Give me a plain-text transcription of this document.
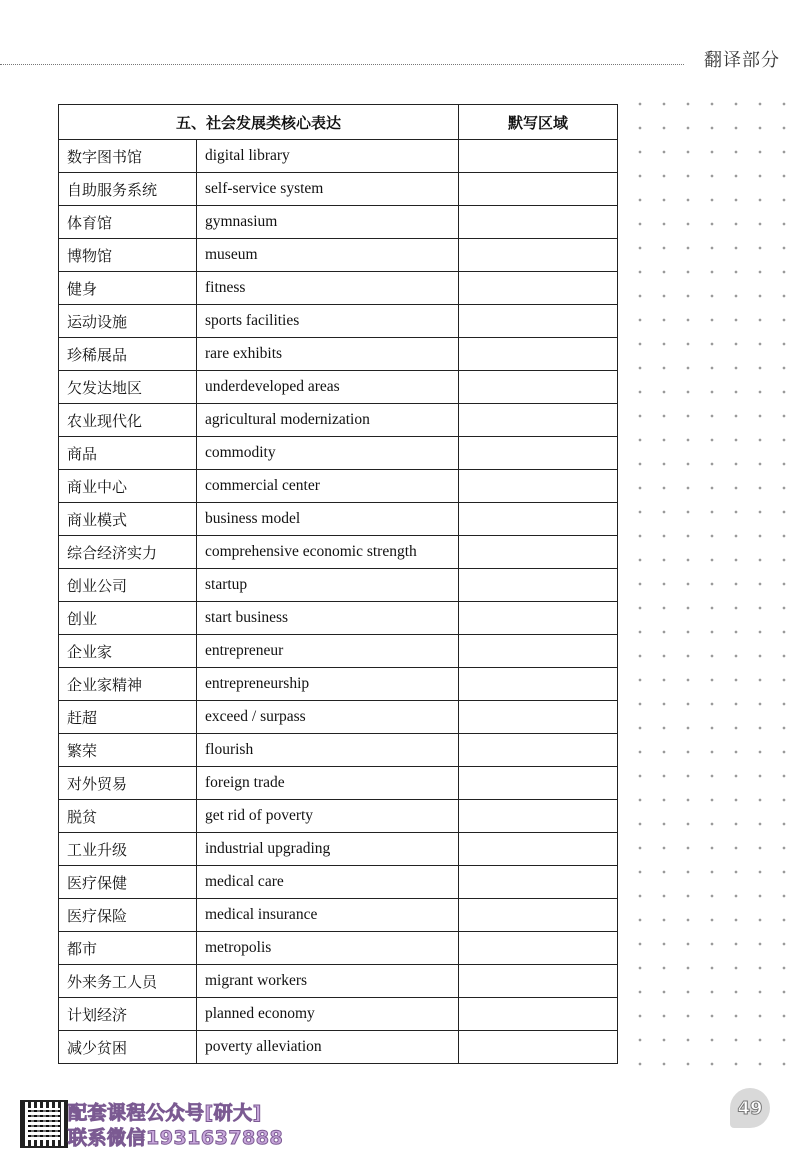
翻译部分
五、社会发展类核心表达		默写区域
数字图书馆	digital library	
自助服务系统	self-service system	
体育馆	gymnasium	
博物馆	museum	
健身	fitness	
运动设施	sports facilities	
珍稀展品	rare exhibits	
欠发达地区	underdeveloped areas	
农业现代化	agricultural modernization	
商品	commodity	
商业中心	commercial center	
商业模式	business model	
综合经济实力	comprehensive economic strength	
创业公司	startup	
创业	start business	
企业家	entrepreneur	
企业家精神	entrepreneurship	
赶超	exceed / surpass	
繁荣	flourish	
对外贸易	foreign trade	
脱贫	get rid of poverty	
工业升级	industrial upgrading	
医疗保健	medical care	
医疗保险	medical insurance	
都市	metropolis	
外来务工人员	migrant workers	
计划经济	planned economy	
减少贫困	poverty alleviation	
配套课程公众号[研大]
联系微信1931637888
49
